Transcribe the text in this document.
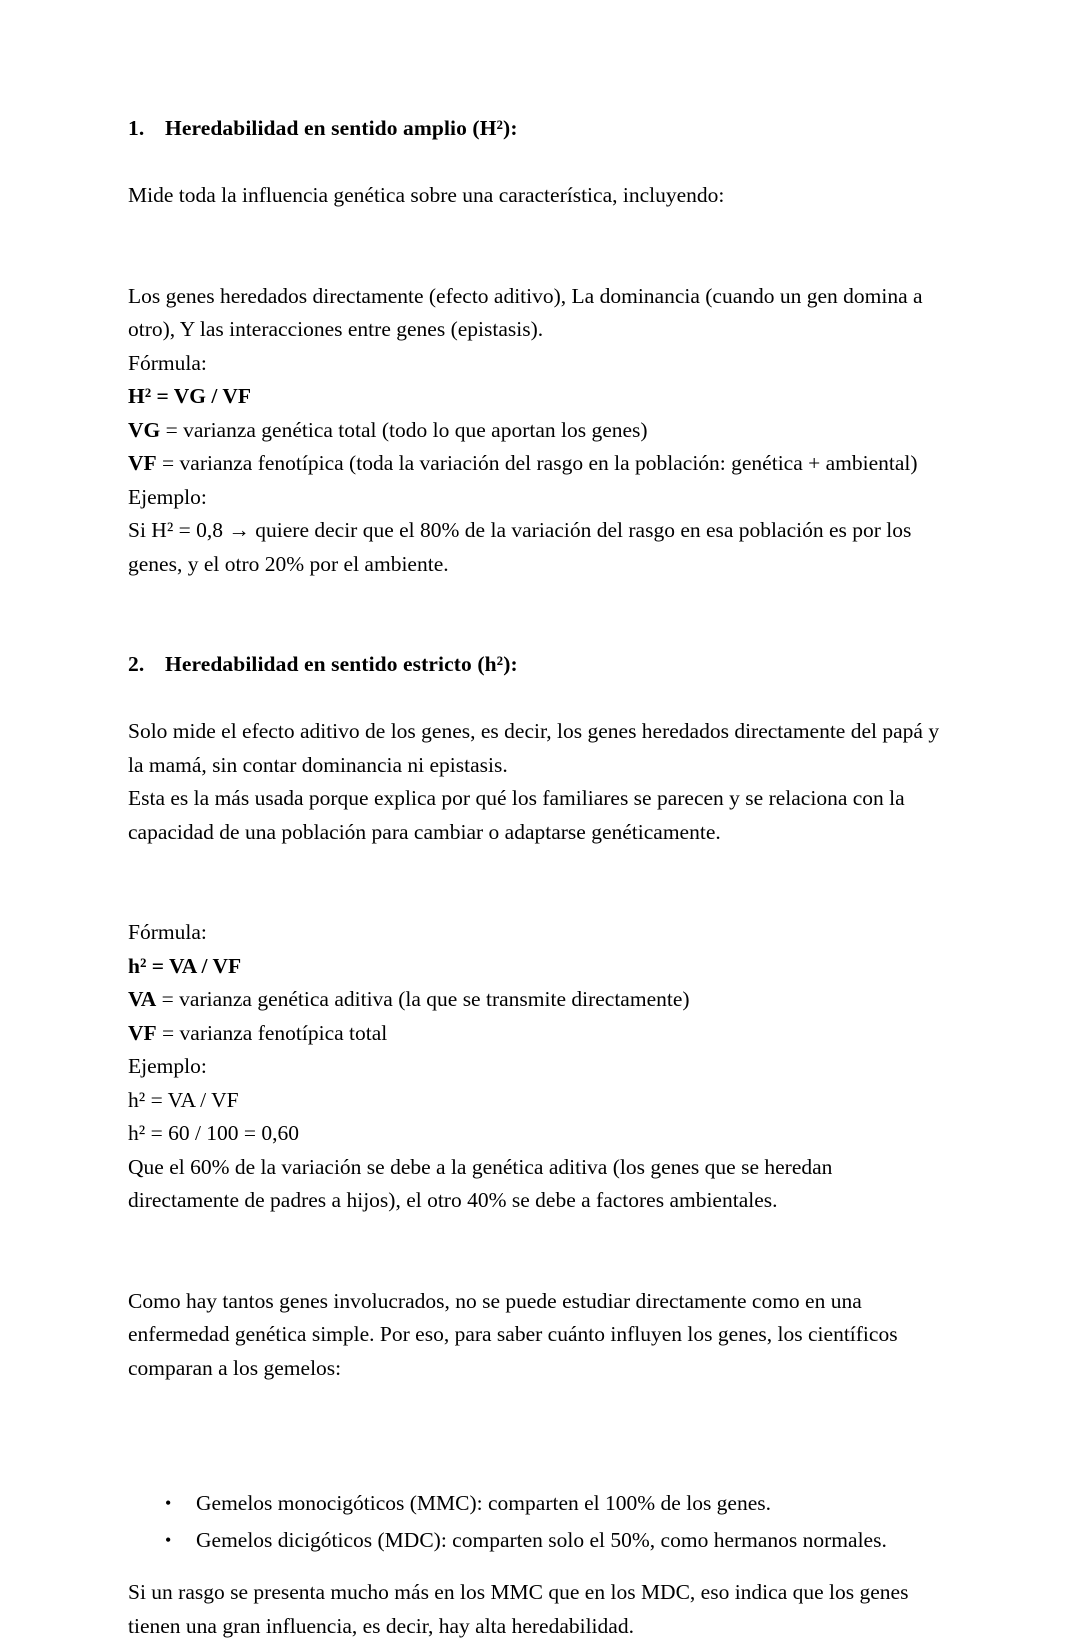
1. Heredabilidad en sentido amplio (H²):

Mide toda la influencia genética sobre una característica, incluyendo:

Los genes heredados directamente (efecto aditivo), La dominancia (cuando un gen domina a otro), Y las interacciones entre genes (epistasis).

Fórmula:

H² = VG / VF

VG = varianza genética total (todo lo que aportan los genes)

VF = varianza fenotípica (toda la variación del rasgo en la población: genética + ambiental)

Ejemplo:

Si H² = 0,8 → quiere decir que el 80% de la variación del rasgo en esa población es por los genes, y el otro 20% por el ambiente.

2. Heredabilidad en sentido estricto (h²):

Solo mide el efecto aditivo de los genes, es decir, los genes heredados directamente del papá y la mamá, sin contar dominancia ni epistasis.

Esta es la más usada porque explica por qué los familiares se parecen y se relaciona con la capacidad de una población para cambiar o adaptarse genéticamente.

Fórmula:

h² = VA / VF

VA = varianza genética aditiva (la que se transmite directamente)

VF = varianza fenotípica total

Ejemplo:

h² = VA / VF

h² = 60 / 100 = 0,60

Que el 60% de la variación se debe a la genética aditiva (los genes que se heredan directamente de padres a hijos), el otro 40% se debe a factores ambientales.

Como hay tantos genes involucrados, no se puede estudiar directamente como en una enfermedad genética simple. Por eso, para saber cuánto influyen los genes, los científicos comparan a los gemelos:

• Gemelos monocigóticos (MMC): comparten el 100% de los genes.
• Gemelos dicigóticos (MDC): comparten solo el 50%, como hermanos normales.

Si un rasgo se presenta mucho más en los MMC que en los MDC, eso indica que los genes tienen una gran influencia, es decir, hay alta heredabilidad.
